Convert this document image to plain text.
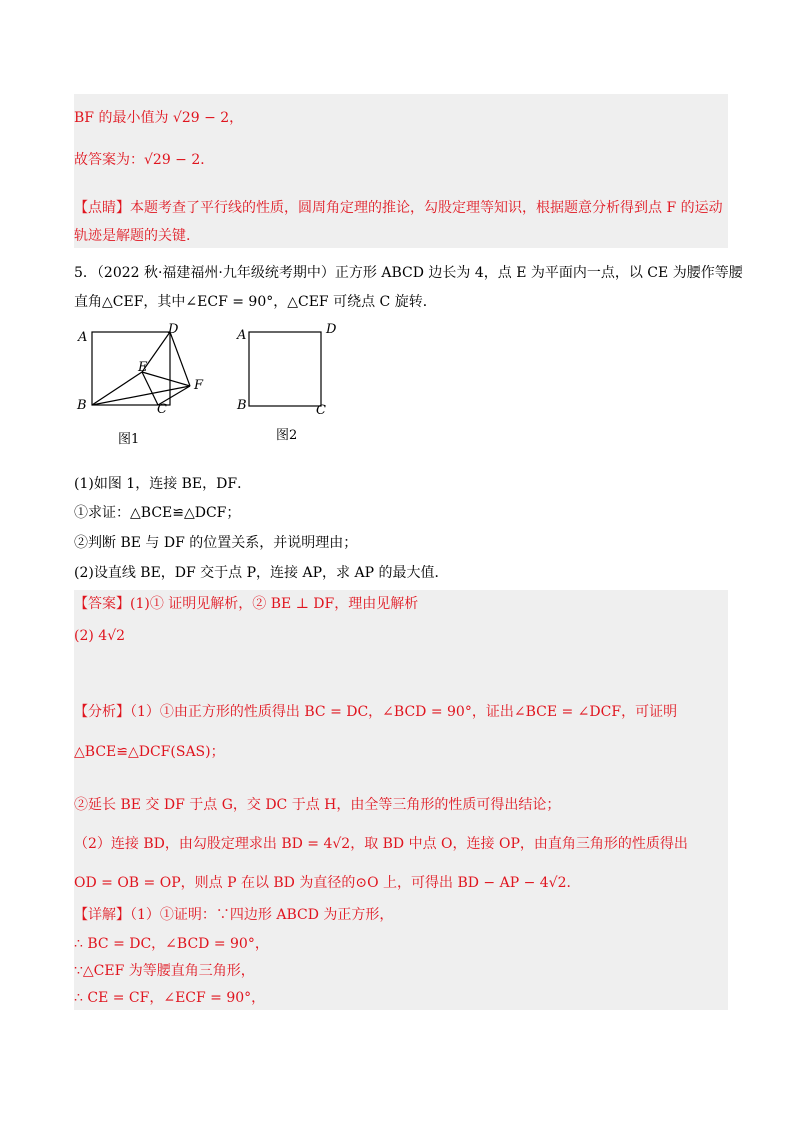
BF 的最小值为 √29 − 2，
故答案为：√29 − 2．
【点睛】本题考查了平行线的性质，圆周角定理的推论，勾股定理等知识，根据题意分析得到点 F 的运动
轨迹是解题的关键.
5．（2022 秋·福建福州·九年级统考期中）正方形 ABCD 边长为 4，点 E 为平面内一点，以 CE 为腰作等腰
直角△CEF，其中∠ECF = 90°，△CEF 可绕点 C 旋转．
A
D
E
F
B	C
图1
A	D
B	C
图2
(1)如图 1，连接 BE，DF．
①求证：△BCE≌△DCF；
②判断 BE 与 DF 的位置关系，并说明理由；
(2)设直线 BE，DF 交于点 P，连接 AP，求 AP 的最大值．
【答案】(1)① 证明见解析，② BE ⊥ DF，理由见解析
(2) 4√2
【分析】（1）①由正方形的性质得出 BC = DC，∠BCD = 90°，证出∠BCE = ∠DCF，可证明
△BCE≌△DCF(SAS)；
②延长 BE 交 DF 于点 G，交 DC 于点 H，由全等三角形的性质可得出结论；
（2）连接 BD，由勾股定理求出 BD = 4√2，取 BD 中点 O，连接 OP，由直角三角形的性质得出
OD = OB = OP，则点 P 在以 BD 为直径的⊙O 上，可得出 BD − AP − 4√2．
【详解】（1）①证明：∵四边形 ABCD 为正方形，
∴ BC = DC，∠BCD = 90°，
∵△CEF 为等腰直角三角形，
∴ CE = CF，∠ECF = 90°，
